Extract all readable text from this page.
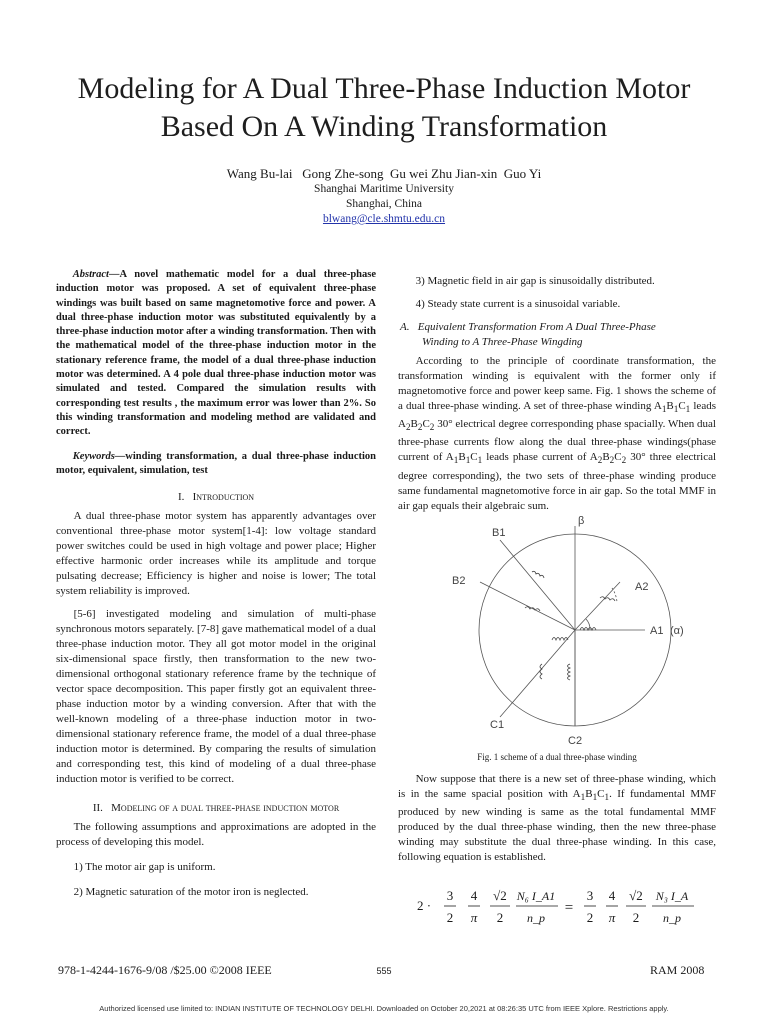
Modeling for A Dual Three-Phase Induction Motor Based On A Winding Transformation
Wang Bu-lai   Gong Zhe-song  Gu wei Zhu Jian-xin  Guo Yi
Shanghai Maritime University
Shanghai, China
blwang@cle.shmtu.edu.cn

Abstract—A novel mathematic model for a dual three-phase induction motor was proposed. A set of equivalent three-phase windings was built based on same magnetomotive force and power. A dual three-phase induction motor was substituted equivalently by a three-phase induction motor after a winding transformation. Then with the mathematical model of the three-phase induction motor in the stationary reference frame, the model of a dual three-phase induction motor was determined. A 4 pole dual three-phase induction motor was simulated and tested. Compared the simulation results with corresponding test results , the maximum error was lower than 2%. So this winding transformation and modeling method are validated and correct.

Keywords—winding transformation, a dual three-phase induction motor, equivalent, simulation, test

I. Introduction

A dual three-phase motor system has apparently advantages over conventional three-phase motor system[1-4]: low voltage standard power switches could be used in high voltage and power place; Higher effective harmonic order increases while its amplitude and torque pulsating decrease; Efficiency is higher and noise is lower; The total system reliability is improved.

[5-6] investigated modeling and simulation of multi-phase synchronous motors separately. [7-8] gave mathematical model of a dual three-phase induction motor. They all got motor model in the original six-dimensional space firstly, then transformation to the new two-dimensional orthogonal stationary reference frame by the technique of vector space decomposition. This paper firstly got an equivalent three-phase induction motor by a winding conversion. After that with the well-known modeling of a three-phase induction motor in two-dimensional stationary reference frame, the model of a dual three-phase induction motor is determined. By comparing the results of simulation and corresponding test, this kind of modeling of a dual three-phase induction motor is verified to be correct.

II. Modeling of a dual three-phase induction motor

The following assumptions and approximations are adopted in the process of developing this model.

1) The motor air gap is uniform.

2) Magnetic saturation of the motor iron is neglected.

3) Magnetic field in air gap is sinusoidally distributed.

4) Steady state current is a sinusoidal variable.

A. Equivalent Transformation From A Dual Three-Phase
Winding to A Three-Phase Wingding

According to the principle of coordinate transformation, the transformation winding is equivalent with the former only if magnetomotive force and power keep same. Fig. 1 shows the scheme of a dual three-phase winding. A set of three-phase winding $A_1B_1C_1$ leads $A_2B_2C_2$ 30° electrical degree corresponding phase spacially. When dual three-phase currents flow along the dual three-phase windings(phase current of $A_1B_1C_1$ leads phase current of $A_2B_2C_2$ 30° three electrical degree corresponding), the two sets of three-phase winding produce same fundamental magnetomotive force in air gap. So the total MMF in air gap equals their algebraic sum.

β
B1
B2	A2
A1 (α)
C1
C2
Fig. 1 scheme of a dual three-phase winding

Now suppose that there is a new set of three-phase winding, which is in the same spacial position with $A_1B_1C_1$. If fundamental MMF produced by new winding is same as the total fundamental MMF produced by the dual three-phase winding, then the new three-phase winding may substitute the dual three-phase winding. In this case, following equation is established.

2 ·
3
2
4
π
√2
2
N₆ I_A1
n_p
=
3
2
4
π
√2
2
N₃ I_A
n_p
978-1-4244-1676-9/08 /$25.00 ©2008 IEEE	555	RAM 2008
Authorized licensed use limited to: INDIAN INSTITUTE OF TECHNOLOGY DELHI. Downloaded on October 20,2021 at 08:26:35 UTC from IEEE Xplore. Restrictions apply.
